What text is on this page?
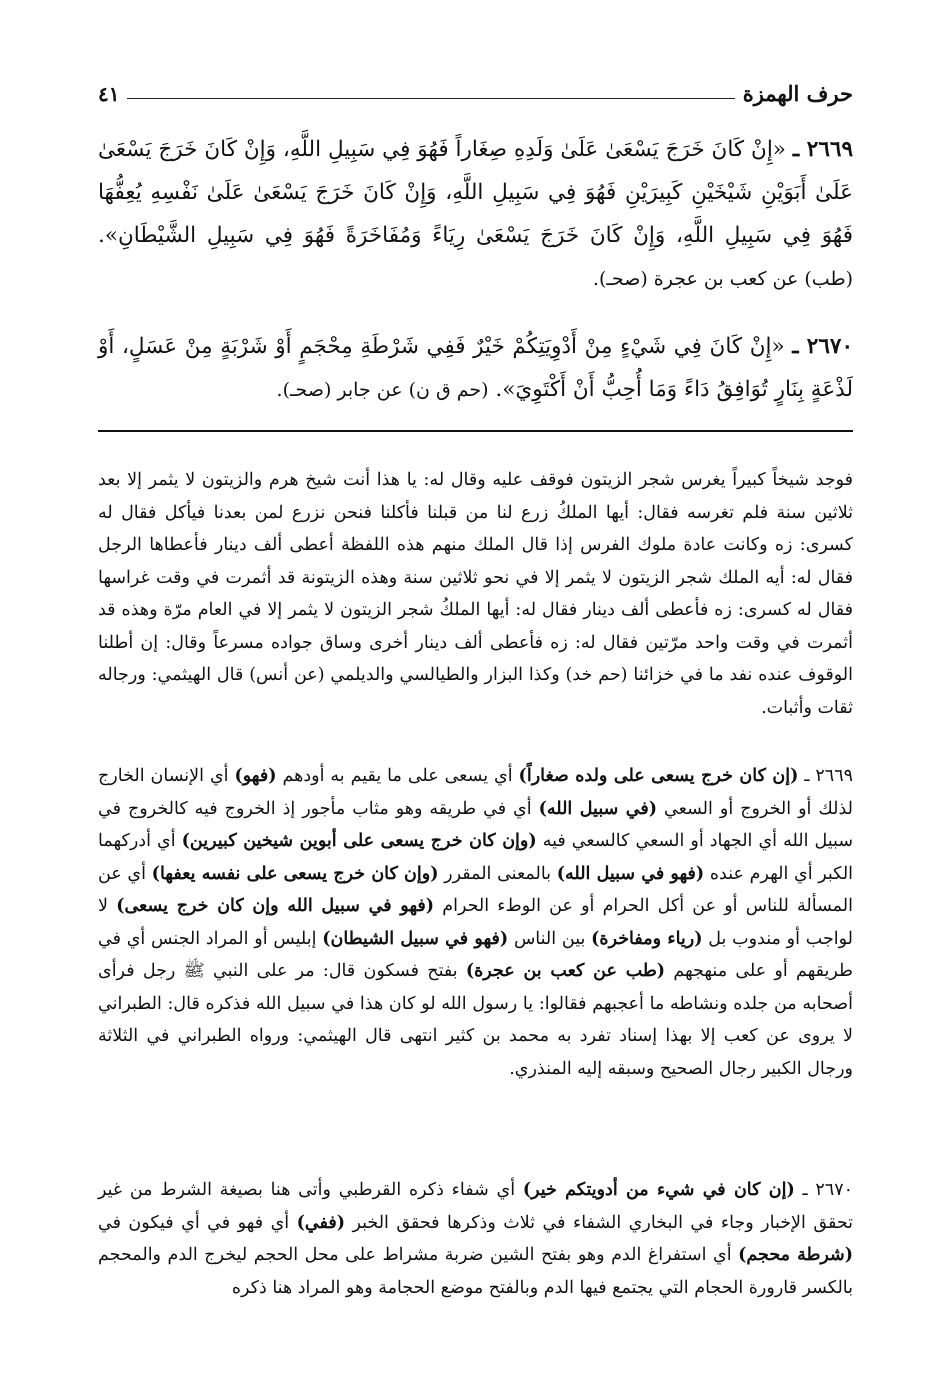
حرف الهمزة
٤١
٢٦٦٩ ـ «إِنْ كَانَ خَرَجَ يَسْعَىٰ عَلَىٰ وَلَدِهِ صِغَاراً فَهُوَ فِي سَبِيلِ اللَّهِ، وَإِنْ كَانَ خَرَجَ يَسْعَىٰ عَلَىٰ أَبَوَيْنِ شَيْخَيْنِ كَبِيرَيْنِ فَهُوَ فِي سَبِيلِ اللَّهِ، وَإِنْ كَانَ خَرَجَ يَسْعَىٰ عَلَىٰ نَفْسِهِ يُعِفُّهَا فَهُوَ فِي سَبِيلِ اللَّهِ، وَإِنْ كَانَ خَرَجَ يَسْعَىٰ رِيَاءً وَمُفَاخَرَةً فَهُوَ فِي سَبِيلِ الشَّيْطَانِ». (طب) عن كعب بن عجرة (صحـ).
٢٦٧٠ ـ «إِنْ كَانَ فِي شَيْءٍ مِنْ أَدْوِيَتِكُمْ خَيْرٌ فَفِي شَرْطَةِ مِحْجَمٍ أَوْ شَرْبَةٍ مِنْ عَسَلٍ، أَوْ لَذْعَةٍ بِنَارٍ تُوَافِقُ دَاءً وَمَا أُحِبُّ أَنْ أَكْتَوِيَ». (حم ق ن) عن جابر (صحـ).

فوجد شيخاً كبيراً يغرس شجر الزيتون فوقف عليه وقال له: يا هذا أنت شيخ هرم والزيتون لا يثمر إلا بعد ثلاثين سنة فلم تغرسه فقال: أيها الملكُ زرع لنا من قبلنا فأكلنا فنحن نزرع لمن بعدنا فيأكل فقال له كسرى: زه وكانت عادة ملوك الفرس إذا قال الملك منهم هذه اللفظة أعطى ألف دينار فأعطاها الرجل فقال له: أيه الملك شجر الزيتون لا يثمر إلا في نحو ثلاثين سنة وهذه الزيتونة قد أثمرت في وقت غراسها فقال له كسرى: زه فأعطى ألف دينار فقال له: أيها الملكُ شجر الزيتون لا يثمر إلا في العام مرّة وهذه قد أثمرت في وقت واحد مرّتين فقال له: زه فأعطى ألف دينار أخرى وساق جواده مسرعاً وقال: إن أطلنا الوقوف عنده نفد ما في خزائنا (حم خد) وكذا البزار والطيالسي والديلمي (عن أنس) قال الهيثمي: ورجاله ثقات وأثبات.

٢٦٦٩ ـ (إن كان خرج يسعى على ولده صغاراً) أي يسعى على ما يقيم به أودهم (فهو) أي الإنسان الخارج لذلك أو الخروج أو السعي (في سبيل الله) أي في طريقه وهو مثاب مأجور إذ الخروج فيه كالخروج في سبيل الله أي الجهاد أو السعي كالسعي فيه (وإن كان خرج يسعى على أبوين شيخين كبيرين) أي أدركهما الكبر أي الهرم عنده (فهو في سبيل الله) بالمعنى المقرر (وإن كان خرج يسعى على نفسه يعفها) أي عن المسألة للناس أو عن أكل الحرام أو عن الوطء الحرام (فهو في سبيل الله وإن كان خرج يسعى) لا لواجب أو مندوب بل (رياء ومفاخرة) بين الناس (فهو في سبيل الشيطان) إبليس أو المراد الجنس أي في طريقهم أو على منهجهم (طب عن كعب بن عجرة) بفتح فسكون قال: مر على النبي ﷺ رجل فرأى أصحابه من جلده ونشاطه ما أعجبهم فقالوا: يا رسول الله لو كان هذا في سبيل الله فذكره قال: الطبراني لا يروى عن كعب إلا بهذا إسناد تفرد به محمد بن كثير انتهى قال الهيثمي: ورواه الطبراني في الثلاثة ورجال الكبير رجال الصحيح وسبقه إليه المنذري.

٢٦٧٠ ـ (إن كان في شيء من أدويتكم خير) أي شفاء ذكره القرطبي وأتى هنا بصيغة الشرط من غير تحقق الإخبار وجاء في البخاري الشفاء في ثلاث وذكرها فحقق الخبر (ففي) أي فهو في أي فيكون في (شرطة محجم) أي استفراغ الدم وهو بفتح الشين ضربة مشراط على محل الحجم ليخرج الدم والمحجم بالكسر قارورة الحجام التي يجتمع فيها الدم وبالفتح موضع الحجامة وهو المراد هنا ذكره
